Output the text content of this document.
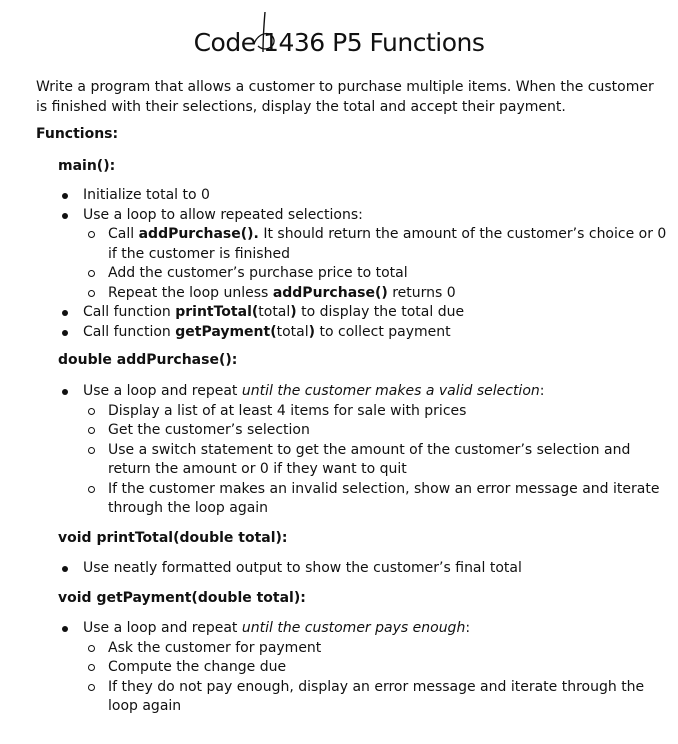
Code 1436 P5 Functions
Write a program that allows a customer to purchase multiple items. When the customer is finished with their selections, display the total and accept their payment.
Functions:
main():
Initialize total to 0
Use a loop to allow repeated selections:
Call addPurchase(). It should return the amount of the customer’s choice or 0 if the customer is finished
Add the customer’s purchase price to total
Repeat the loop unless addPurchase() returns 0
Call function printTotal(total) to display the total due
Call function getPayment(total) to collect payment
double addPurchase():
Use a loop and repeat until the customer makes a valid selection:
Display a list of at least 4 items for sale with prices
Get the customer’s selection
Use a switch statement to get the amount of the customer’s selection and return the amount or 0 if they want to quit
If the customer makes an invalid selection, show an error message and iterate through the loop again
void printTotal(double total):
Use neatly formatted output to show the customer’s final total
void getPayment(double total):
Use a loop and repeat until the customer pays enough:
Ask the customer for payment
Compute the change due
If they do not pay enough, display an error message and iterate through the loop again
